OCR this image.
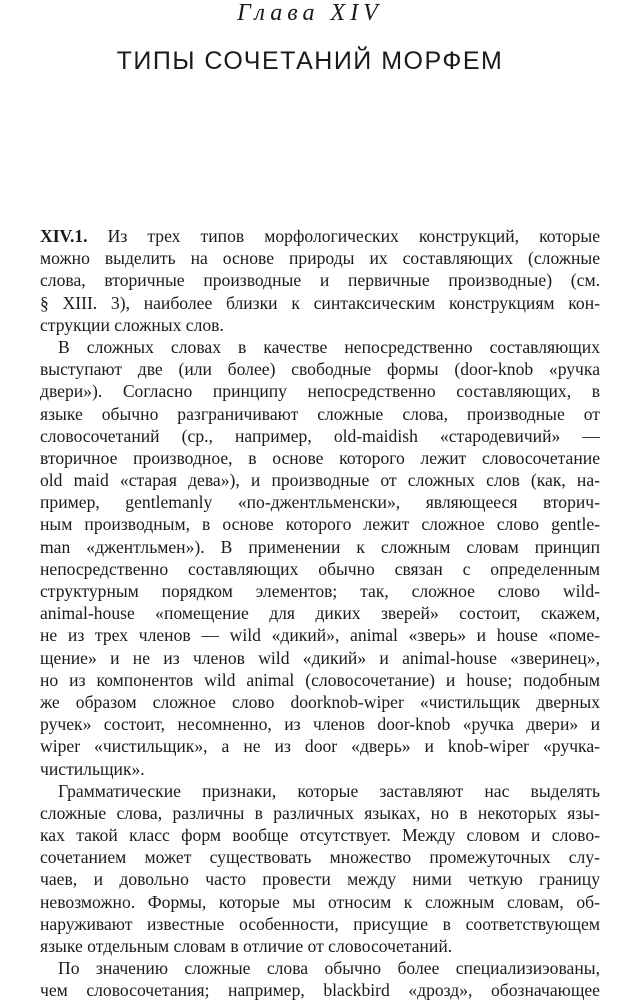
Глава XIV

ТИПЫ СОЧЕТАНИЙ МОРФЕМ
XIV.1. Из трех типов морфологических конструкций, которые
можно выделить на основе природы их составляющих (сложные
слова, вторичные производные и первичные производные) (см.
§ XIII. 3), наиболее близки к синтаксическим конструкциям кон-
струкции сложных слов.
В сложных словах в качестве непосредственно составляющих
выступают две (или более) свободные формы (door-knob «ручка
двери»). Согласно принципу непосредственно составляющих, в
языке обычно разграничивают сложные слова, производные от
словосочетаний (ср., например, old-maidish «стародевичий» —
вторичное производное, в основе которого лежит словосочетание
old maid «старая дева»), и производные от сложных слов (как, на-
пример, gentlemanly «по-джентльменски», являющееся вторич-
ным производным, в основе которого лежит сложное слово gentle-
man «джентльмен»). В применении к сложным словам принцип
непосредственно составляющих обычно связан с определенным
структурным порядком элементов; так, сложное слово wild-
animal-house «помещение для диких зверей» состоит, скажем,
не из трех членов — wild «дикий», animal «зверь» и house «поме-
щение» и не из членов wild «дикий» и animal-house «зверинец»,
но из компонентов wild animal (словосочетание) и house; подобным
же образом сложное слово doorknob-wiper «чистильщик дверных
ручек» состоит, несомненно, из членов door-knob «ручка двери» и
wiper «чистильщик», а не из door «дверь» и knob-wiper «ручка-
чистильщик».
Грамматические признаки, которые заставляют нас выделять
сложные слова, различны в различных языках, но в некоторых язы-
ках такой класс форм вообще отсутствует. Между словом и слово-
сочетанием может существовать множество промежуточных слу-
чаев, и довольно часто провести между ними четкую границу
невозможно. Формы, которые мы относим к сложным словам, об-
наруживают известные особенности, присущие в соответствующем
языке отдельным словам в отличие от словосочетаний.
По значению сложные слова обычно более специализиэованы,
чем словосочетания; например, blackbird «дрозд», обозначающее
